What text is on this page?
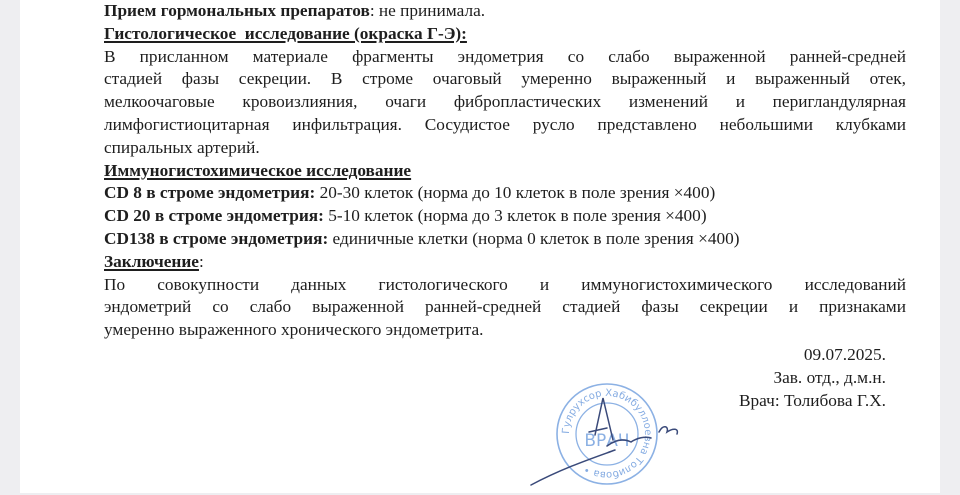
Прием гормональных препаратов: не принимала.
Гистологическое  исследование (окраска Г-Э):
В присланном материале фрагменты эндометрия со слабо выраженной ранней-средней
стадией фазы секреции. В строме очаговый умеренно выраженный и выраженный отек,
мелкоочаговые кровоизлияния, очаги фибропластических изменений и перигландулярная
лимфогистиоцитарная инфильтрация. Сосудистое русло представлено небольшими клубками
спиральных артерий.
Иммуногистохимическое исследование
CD 8 в строме эндометрия: 20-30 клеток (норма до 10 клеток в поле зрения ×400)
CD 20 в строме эндометрия: 5-10 клеток (норма до 3 клеток в поле зрения ×400)
CD138 в строме эндометрия: единичные клетки (норма 0 клеток в поле зрения ×400)
Заключение:
По совокупности данных гистологического и иммуногистохимического исследований
эндометрий со слабо выраженной ранней-средней стадией фазы секреции и признаками
умеренно выраженного хронического эндометрита.
09.07.2025.
Зав. отд., д.м.н.
Врач: Толибова Г.Х.
Гулрухсор Хабибуллоевна Толибова •
ВРАЧ
